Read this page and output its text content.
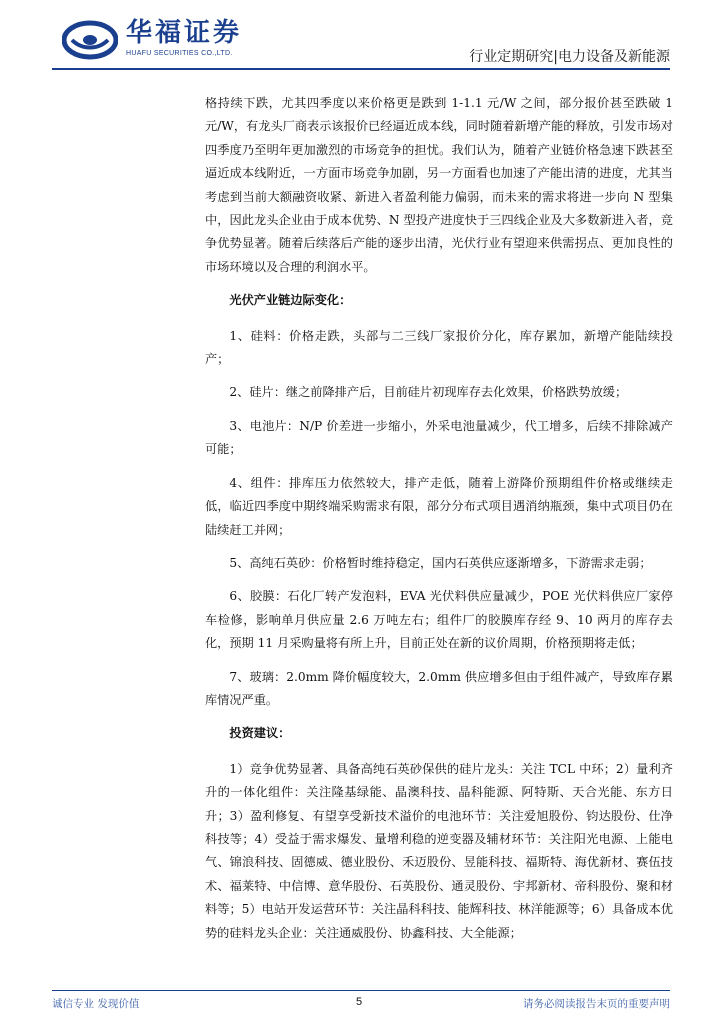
华福证券
HUAFU SECURITIES CO.,LTD.	行业定期研究|电力设备及新能源

格持续下跌，尤其四季度以来价格更是跌到 1-1.1 元/W 之间，部分报价甚至跌破 1 元/W，有龙头厂商表示该报价已经逼近成本线，同时随着新增产能的释放，引发市场对四季度乃至明年更加激烈的市场竞争的担忧。我们认为，随着产业链价格急速下跌甚至逼近成本线附近，一方面市场竞争加剧，另一方面看也加速了产能出清的进度，尤其当考虑到当前大额融资收紧、新进入者盈利能力偏弱，而未来的需求将进一步向 N 型集中，因此龙头企业由于成本优势、N 型投产进度快于三四线企业及大多数新进入者，竞争优势显著。随着后续落后产能的逐步出清，光伏行业有望迎来供需拐点、更加良性的市场环境以及合理的利润水平。

光伏产业链边际变化：

1、硅料：价格走跌，头部与二三线厂家报价分化，库存累加，新增产能陆续投产；

2、硅片：继之前降排产后，目前硅片初现库存去化效果，价格跌势放缓；

3、电池片：N/P 价差进一步缩小，外采电池量减少，代工增多，后续不排除减产可能；

4、组件：排库压力依然较大，排产走低，随着上游降价预期组件价格或继续走低，临近四季度中期终端采购需求有限，部分分布式项目遇消纳瓶颈，集中式项目仍在陆续赶工并网；

5、高纯石英砂：价格暂时维持稳定，国内石英供应逐渐增多，下游需求走弱；

6、胶膜：石化厂转产发泡料，EVA 光伏料供应量减少，POE 光伏料供应厂家停车检修，影响单月供应量 2.6 万吨左右；组件厂的胶膜库存经 9、10 两月的库存去化，预期 11 月采购量将有所上升，目前正处在新的议价周期，价格预期将走低；

7、玻璃：2.0mm 降价幅度较大，2.0mm 供应增多但由于组件减产，导致库存累库情况严重。

投资建议：

1）竞争优势显著、具备高纯石英砂保供的硅片龙头：关注 TCL 中环；2）量利齐升的一体化组件：关注隆基绿能、晶澳科技、晶科能源、阿特斯、天合光能、东方日升；3）盈利修复、有望享受新技术溢价的电池环节：关注爱旭股份、钧达股份、仕净科技等；4）受益于需求爆发、量增利稳的逆变器及辅材环节：关注阳光电源、上能电气、锦浪科技、固德威、德业股份、禾迈股份、昱能科技、福斯特、海优新材、赛伍技术、福莱特、中信博、意华股份、石英股份、通灵股份、宇邦新材、帝科股份、聚和材料等；5）电站开发运营环节：关注晶科科技、能辉科技、林洋能源等；6）具备成本优势的硅料龙头企业：关注通威股份、协鑫科技、大全能源；

诚信专业 发现价值	5	请务必阅读报告末页的重要声明
